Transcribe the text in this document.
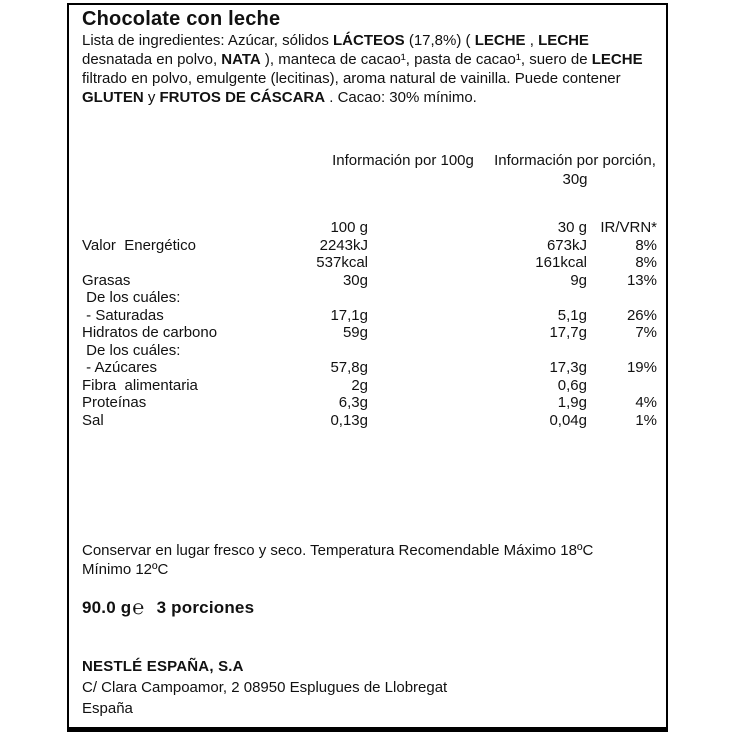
Chocolate con leche

Lista de ingredientes: Azúcar, sólidos LÁCTEOS (17,8%) ( LECHE , LECHE desnatada en polvo, NATA ), manteca de cacao¹, pasta de cacao¹, suero de LECHE filtrado en polvo, emulgente (lecitinas), aroma natural de vainilla. Puede contener GLUTEN y FRUTOS DE CÁSCARA . Cacao: 30% mínimo.

Información por 100g	Información por porción,
30g
	100 g	30 g	IR/VRN*
Valor  Energético	2243kJ	673kJ	8%
	537kcal	161kcal	8%
Grasas	30g	9g	13%
De los cuáles:			
- Saturadas	17,1g	5,1g	26%
Hidratos de carbono	59g	17,7g	7%
De los cuáles:			
- Azúcares	57,8g	17,3g	19%
Fibra  alimentaria	2g	0,6g	
Proteínas	6,3g	1,9g	4%
Sal	0,13g	0,04g	1%
Conservar en lugar fresco y seco. Temperatura Recomendable Máximo 18ºC
Mínimo 12ºC

90.0 g℮ 3 porciones

NESTLÉ ESPAÑA, S.A
C/ Clara Campoamor, 2 08950 Esplugues de Llobregat
España
